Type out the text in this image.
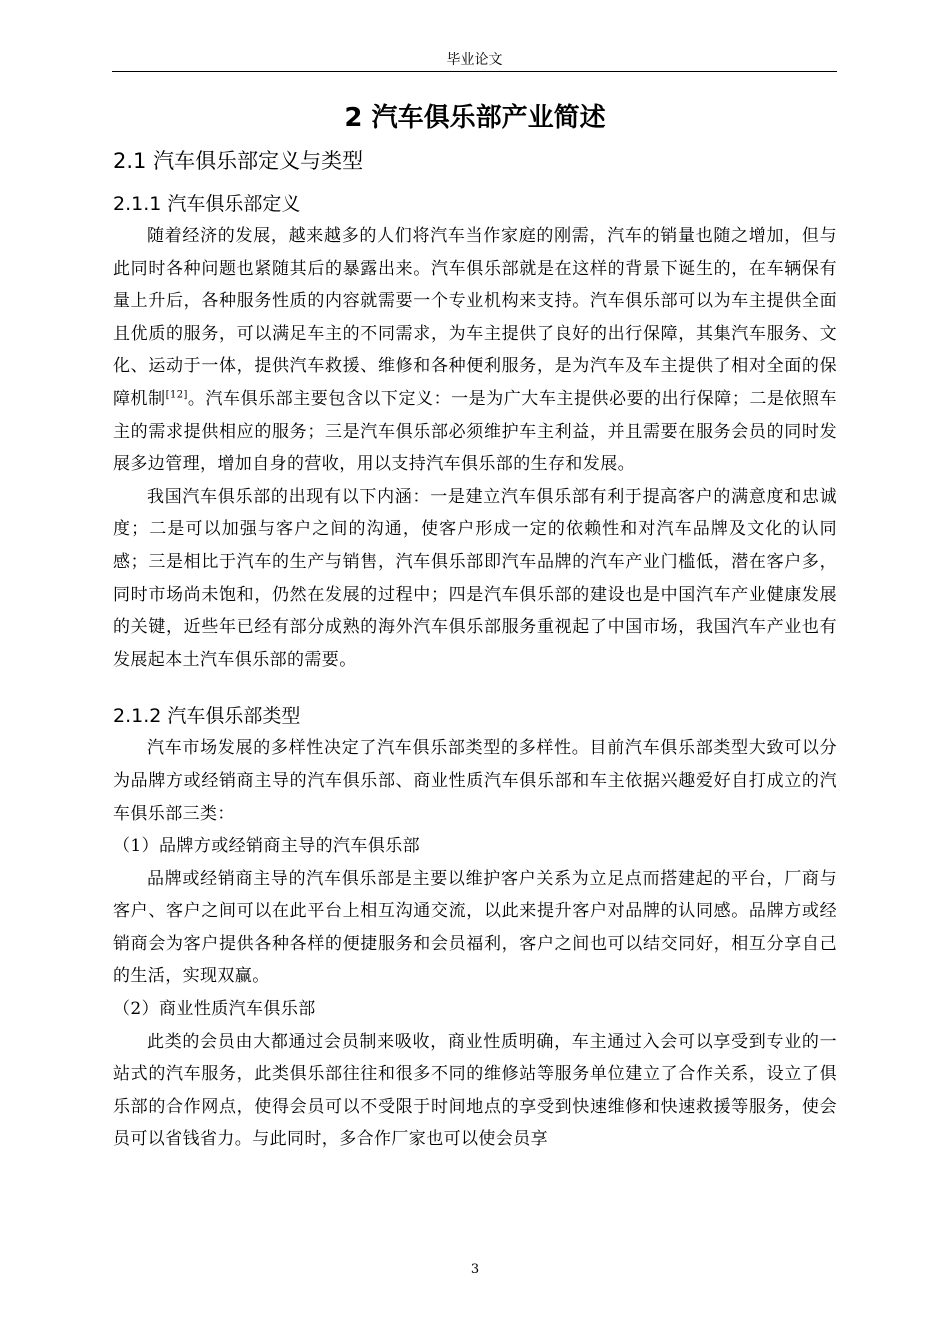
毕业论文
2 汽车俱乐部产业简述
2.1 汽车俱乐部定义与类型
2.1.1 汽车俱乐部定义

随着经济的发展，越来越多的人们将汽车当作家庭的刚需，汽车的销量也随之增加，但与此同时各种问题也紧随其后的暴露出来。汽车俱乐部就是在这样的背景下诞生的，在车辆保有量上升后，各种服务性质的内容就需要一个专业机构来支持。汽车俱乐部可以为车主提供全面且优质的服务，可以满足车主的不同需求，为车主提供了良好的出行保障，其集汽车服务、文化、运动于一体，提供汽车救援、维修和各种便利服务，是为汽车及车主提供了相对全面的保障机制[12]。汽车俱乐部主要包含以下定义：一是为广大车主提供必要的出行保障；二是依照车主的需求提供相应的服务；三是汽车俱乐部必须维护车主利益，并且需要在服务会员的同时发展多边管理，增加自身的营收，用以支持汽车俱乐部的生存和发展。

我国汽车俱乐部的出现有以下内涵：一是建立汽车俱乐部有利于提高客户的满意度和忠诚度；二是可以加强与客户之间的沟通，使客户形成一定的依赖性和对汽车品牌及文化的认同感；三是相比于汽车的生产与销售，汽车俱乐部即汽车品牌的汽车产业门槛低，潜在客户多，同时市场尚未饱和，仍然在发展的过程中；四是汽车俱乐部的建设也是中国汽车产业健康发展的关键，近些年已经有部分成熟的海外汽车俱乐部服务重视起了中国市场，我国汽车产业也有发展起本土汽车俱乐部的需要。

2.1.2 汽车俱乐部类型

汽车市场发展的多样性决定了汽车俱乐部类型的多样性。目前汽车俱乐部类型大致可以分为品牌方或经销商主导的汽车俱乐部、商业性质汽车俱乐部和车主依据兴趣爱好自打成立的汽车俱乐部三类：

（1）品牌方或经销商主导的汽车俱乐部

品牌或经销商主导的汽车俱乐部是主要以维护客户关系为立足点而搭建起的平台，厂商与客户、客户之间可以在此平台上相互沟通交流，以此来提升客户对品牌的认同感。品牌方或经销商会为客户提供各种各样的便捷服务和会员福利，客户之间也可以结交同好，相互分享自己的生活，实现双赢。

（2）商业性质汽车俱乐部

此类的会员由大都通过会员制来吸收，商业性质明确，车主通过入会可以享受到专业的一站式的汽车服务，此类俱乐部往往和很多不同的维修站等服务单位建立了合作关系，设立了俱乐部的合作网点，使得会员可以不受限于时间地点的享受到快速维修和快速救援等服务，使会员可以省钱省力。与此同时，多合作厂家也可以使会员享

3
